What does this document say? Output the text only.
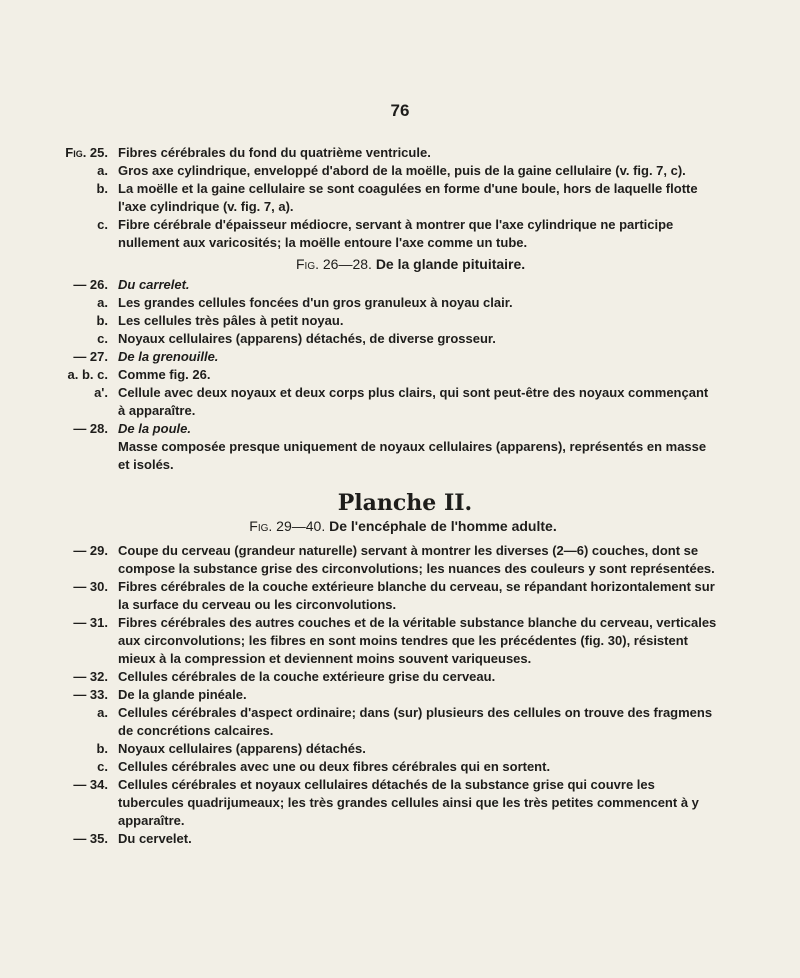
76
Fig. 25. Fibres cérébrales du fond du quatrième ventricule.
a. Gros axe cylindrique, enveloppé d'abord de la moëlle, puis de la gaine cellulaire (v. fig. 7, c).
b. La moëlle et la gaine cellulaire se sont coagulées en forme d'une boule, hors de laquelle flotte l'axe cylindrique (v. fig. 7, a).
c. Fibre cérébrale d'épaisseur médiocre, servant à montrer que l'axe cylindrique ne participe nullement aux varicosités; la moëlle entoure l'axe comme un tube.
Fig. 26—28. De la glande pituitaire.
— 26. Du carrelet.
a. Les grandes cellules foncées d'un gros granuleux à noyau clair.
b. Les cellules très pâles à petit noyau.
c. Noyaux cellulaires (apparens) détachés, de diverse grosseur.
— 27. De la grenouille.
a. b. c. Comme fig. 26.
a'. Cellule avec deux noyaux et deux corps plus clairs, qui sont peut-être des noyaux commençant à apparaître.
— 28. De la poule.
Masse composée presque uniquement de noyaux cellulaires (apparens), représentés en masse et isolés.
Planche II.
Fig. 29—40. De l'encéphale de l'homme adulte.
— 29. Coupe du cerveau (grandeur naturelle) servant à montrer les diverses (2—6) couches, dont se compose la substance grise des circonvolutions; les nuances des couleurs y sont représentées.
— 30. Fibres cérébrales de la couche extérieure blanche du cerveau, se répandant horizontalement sur la surface du cerveau ou les circonvolutions.
— 31. Fibres cérébrales des autres couches et de la véritable substance blanche du cerveau, verticales aux circonvolutions; les fibres en sont moins tendres que les précédentes (fig. 30), résistent mieux à la compression et deviennent moins souvent variqueuses.
— 32. Cellules cérébrales de la couche extérieure grise du cerveau.
— 33. De la glande pinéale.
a. Cellules cérébrales d'aspect ordinaire; dans (sur) plusieurs des cellules on trouve des fragmens de concrétions calcaires.
b. Noyaux cellulaires (apparens) détachés.
c. Cellules cérébrales avec une ou deux fibres cérébrales qui en sortent.
— 34. Cellules cérébrales et noyaux cellulaires détachés de la substance grise qui couvre les tubercules quadrijumeaux; les très grandes cellules ainsi que les très petites commencent à y apparaître.
— 35. Du cervelet.
